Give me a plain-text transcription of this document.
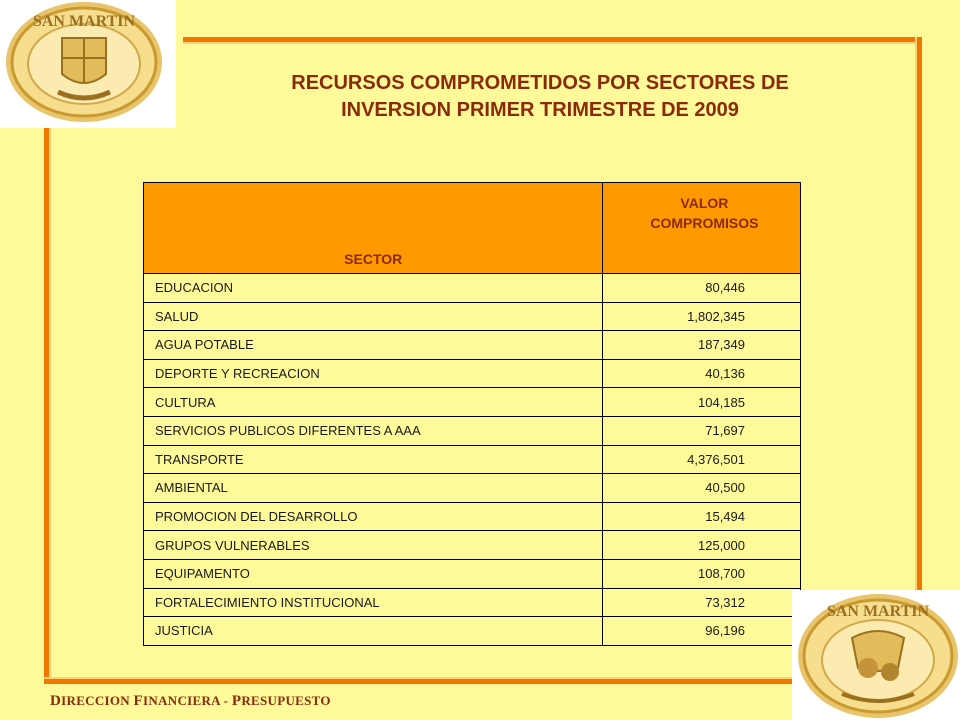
SAN MARTIN
RECURSOS COMPROMETIDOS POR SECTORES DE
INVERSION PRIMER TRIMESTRE DE 2009
SECTOR	VALOR COMPROMISOS

EDUCACION	80,446
SALUD	1,802,345
AGUA POTABLE	187,349
DEPORTE Y RECREACION	40,136
CULTURA	104,185
SERVICIOS PUBLICOS DIFERENTES A AAA	71,697
TRANSPORTE	4,376,501
AMBIENTAL	40,500
PROMOCION DEL DESARROLLO	15,494
GRUPOS VULNERABLES	125,000
EQUIPAMENTO	108,700
FORTALECIMIENTO INSTITUCIONAL	73,312
JUSTICIA	96,196
DIRECCION FINANCIERA - PRESUPUESTO
SAN MARTIN
